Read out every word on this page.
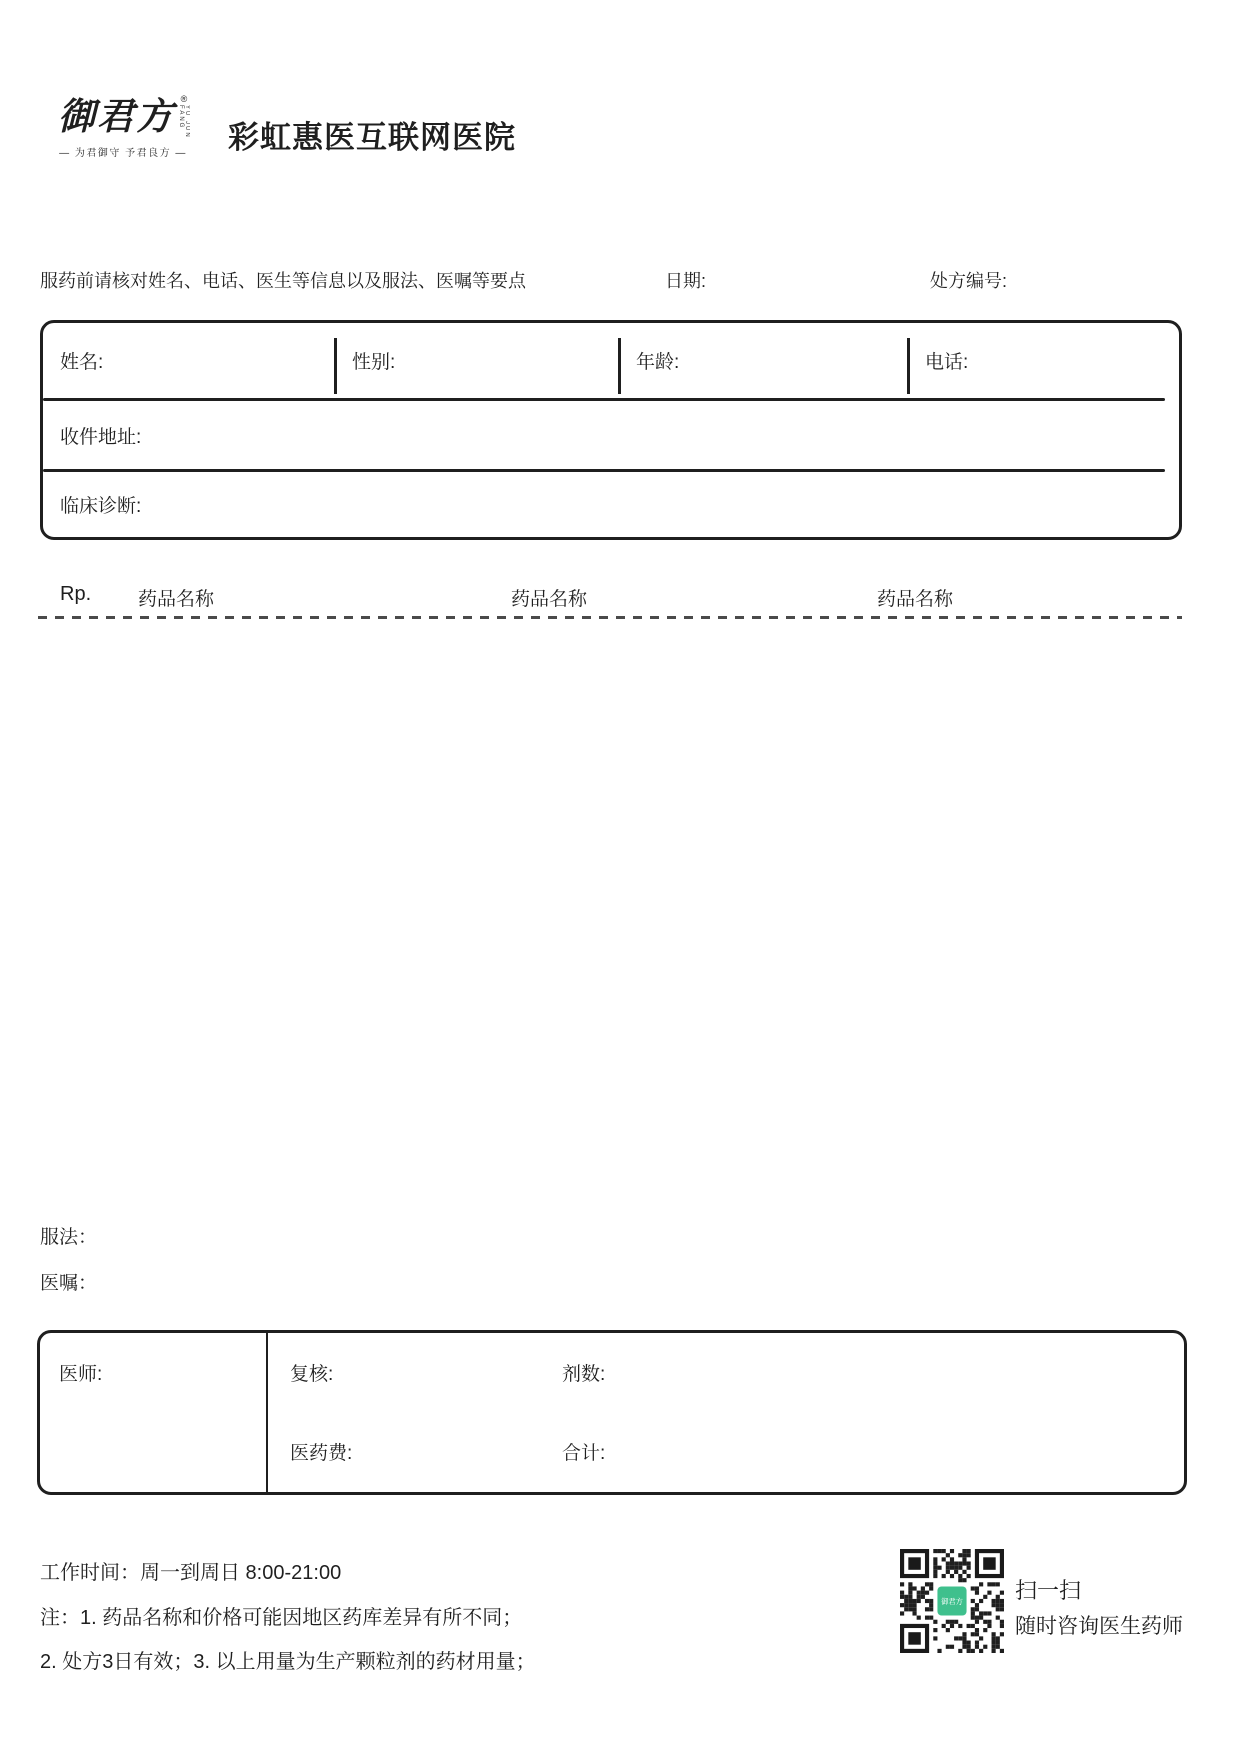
御君方 ®
YU JUN FANG
— 为君御守 予君良方 — 彩虹惠医互联网医院
服药前请核对姓名、电话、医生等信息以及服法、医嘱等要点	日期:	处方编号:
姓名:	性别:	年龄:	电话:
收件地址:
临床诊断:
Rp. 药品名称	药品名称	药品名称
服法：
医嘱：
医师:	复核:	剂数:
医药费:	合计:
工作时间：周一到周日 8:00-21:00
注：1. 药品名称和价格可能因地区药库差异有所不同；
2. 处方3日有效；3. 以上用量为生产颗粒剂的药材用量；
御君方 扫一扫
随时咨询医生药师
